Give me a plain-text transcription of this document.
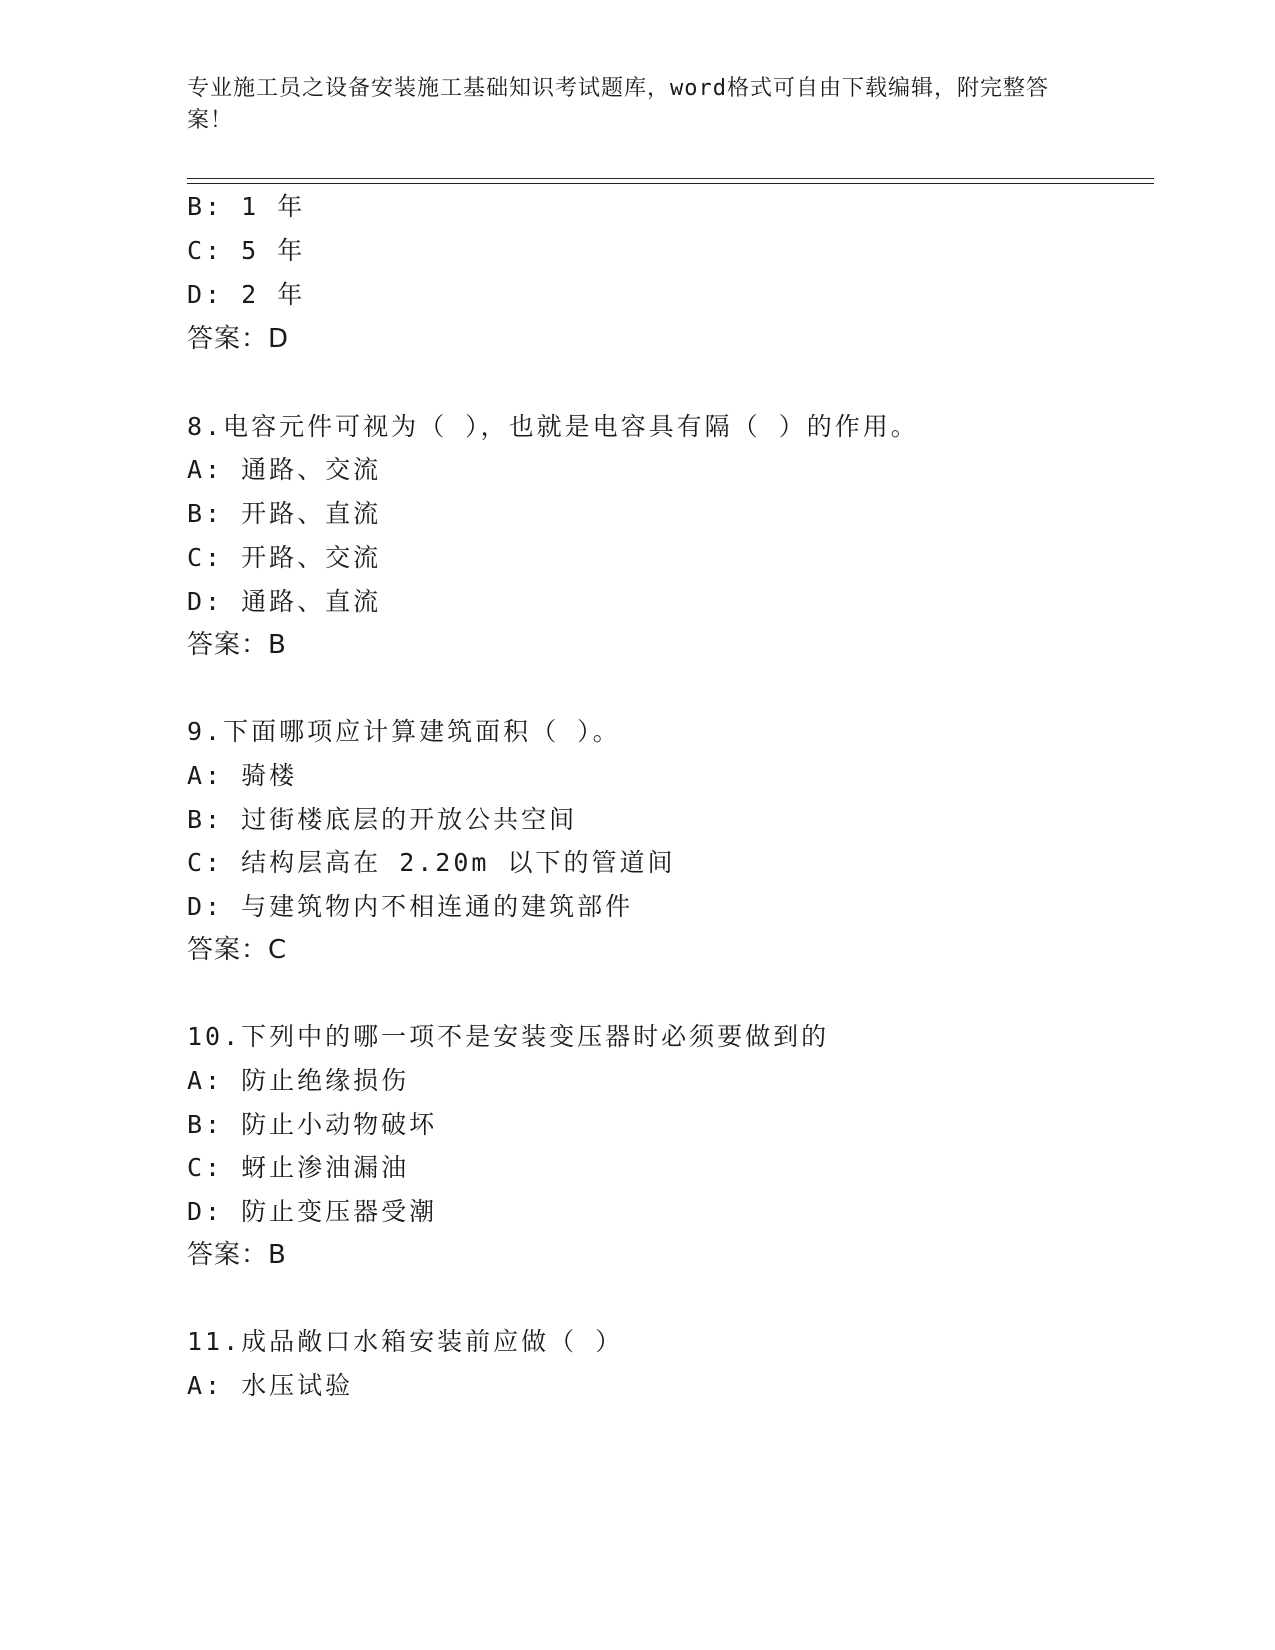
专业施工员之设备安装施工基础知识考试题库，word格式可自由下载编辑，附完整答案！
B: 1 年
C: 5 年
D: 2 年
答案：D
8.电容元件可视为（ ），也就是电容具有隔（ ）的作用。
A: 通路、交流
B: 开路、直流
C: 开路、交流
D: 通路、直流
答案：B
9.下面哪项应计算建筑面积（ ）。
A: 骑楼
B: 过街楼底层的开放公共空间
C: 结构层高在 2.20m 以下的管道间
D: 与建筑物内不相连通的建筑部件
答案：C
10.下列中的哪一项不是安装变压器时必须要做到的
A: 防止绝缘损伤
B: 防止小动物破坏
C: 蚜止渗油漏油
D: 防止变压器受潮
答案：B
11.成品敞口水箱安装前应做（ ）
A: 水压试验
